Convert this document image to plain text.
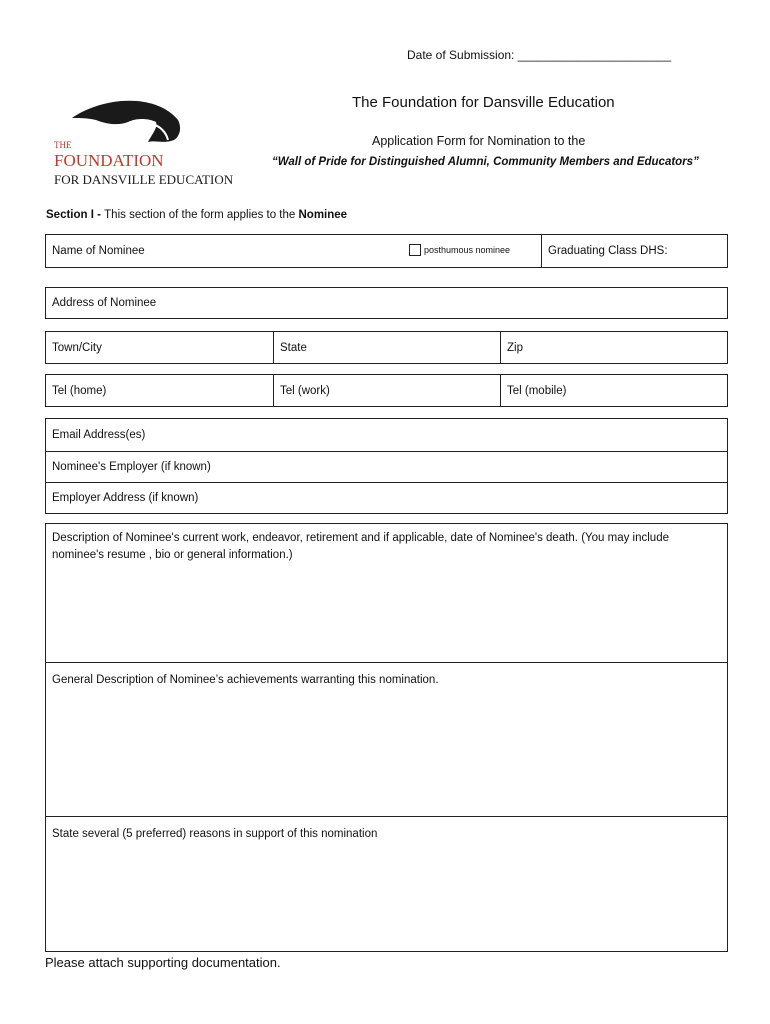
Date of Submission: _______________________
The Foundation for Dansville Education
Application Form for Nomination to the
“Wall of Pride for Distinguished Alumni, Community Members and Educators”
THE
FOUNDATION
FOR DANSVILLE EDUCATION
Section I - This section of the form applies to the Nominee
Name of Nominee	posthumous nominee	Graduating Class DHS:
Address of Nominee
Town/City	State	Zip
Tel (home)	Tel (work)	Tel (mobile)
Email Address(es)
Nominee's Employer (if known)
Employer Address (if known)
Description of Nominee's current work, endeavor, retirement and if applicable, date of Nominee's death. (You may include nominee's resume , bio or general information.)
General Description of Nominee’s achievements warranting this nomination.
State several (5 preferred) reasons in support of this nomination
Please attach supporting documentation.
